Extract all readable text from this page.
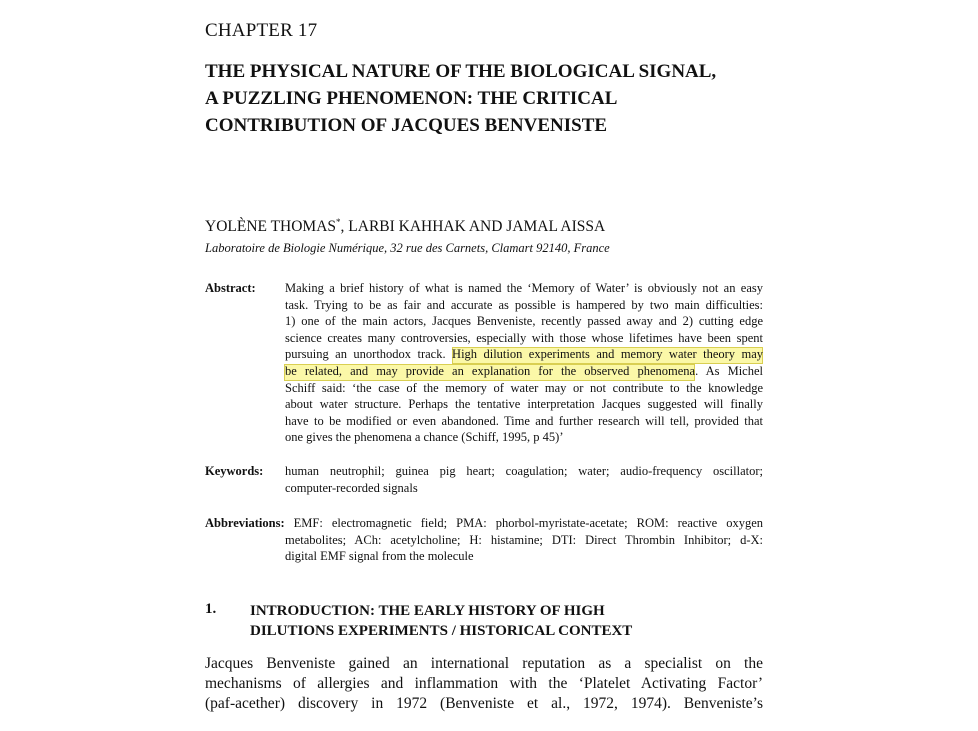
CHAPTER 17
THE PHYSICAL NATURE OF THE BIOLOGICAL SIGNAL,
A PUZZLING PHENOMENON: THE CRITICAL
CONTRIBUTION OF JACQUES BENVENISTE
YOLÈNE THOMAS*, LARBI KAHHAK AND JAMAL AISSA
Laboratoire de Biologie Numérique, 32 rue des Carnets, Clamart 92140, France
Abstract: Making a brief history of what is named the ‘Memory of Water’ is obviously not an easy
task. Trying to be as fair and accurate as possible is hampered by two main difficulties:
1) one of the main actors, Jacques Benveniste, recently passed away and 2) cutting edge
science creates many controversies, especially with those whose lifetimes have been spent
pursuing an unorthodox track. High dilution experiments and memory water theory may
be related, and may provide an explanation for the observed phenomena. As Michel
Schiff said: ‘the case of the memory of water may or not contribute to the knowledge
about water structure. Perhaps the tentative interpretation Jacques suggested will finally
have to be modified or even abandoned. Time and further research will tell, provided that
one gives the phenomena a chance (Schiff, 1995, p 45)’
Keywords: human neutrophil; guinea pig heart; coagulation; water; audio-frequency oscillator;
computer-recorded signals
Abbreviations: EMF: electromagnetic field; PMA: phorbol-myristate-acetate; ROM: reactive oxygen
metabolites; ACh: acetylcholine; H: histamine; DTI: Direct Thrombin Inhibitor; d-X:
digital EMF signal from the molecule
1. INTRODUCTION: THE EARLY HISTORY OF HIGH
DILUTIONS EXPERIMENTS / HISTORICAL CONTEXT
Jacques Benveniste gained an international reputation as a specialist on the
mechanisms of allergies and inflammation with the ‘Platelet Activating Factor’
(paf-acether) discovery in 1972 (Benveniste et al., 1972, 1974). Benveniste’s
